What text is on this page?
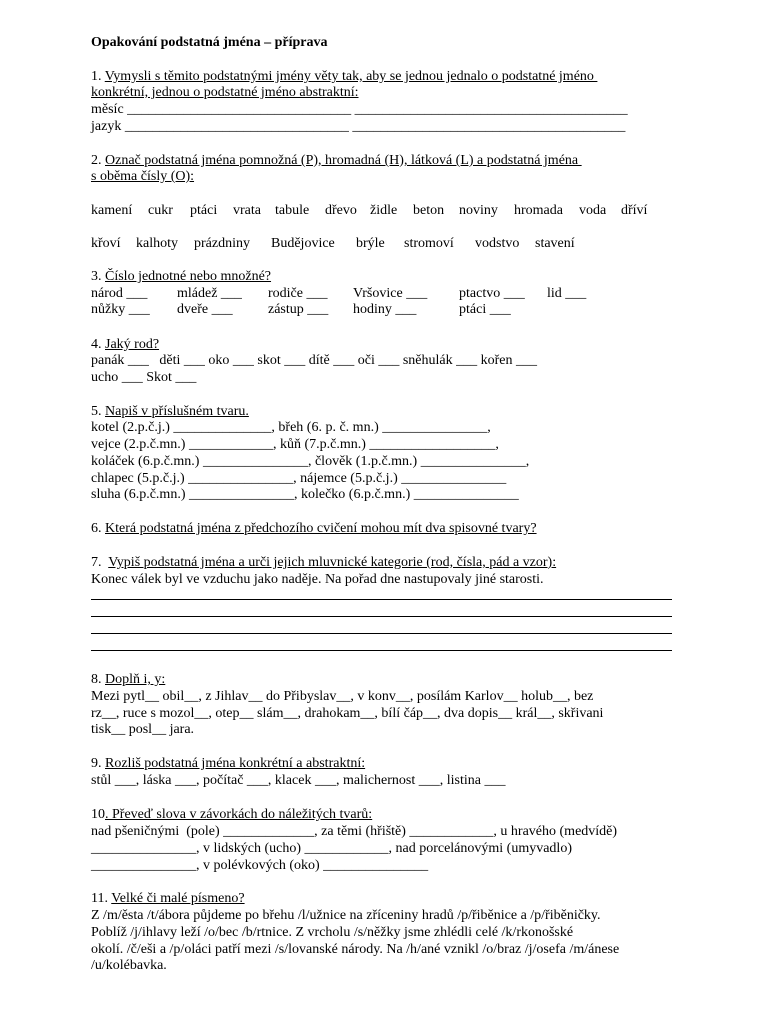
Opakování podstatná jména – příprava
1. Vymysli s těmito podstatnými jmény věty tak, aby se jednou jednalo o podstatné jméno
konkrétní, jednou o podstatné jméno abstraktní:
měsíc ________________________________ _______________________________________
jazyk ________________________________ _______________________________________
2. Označ podstatná jména pomnožná (P), hromadná (H), látková (L) a podstatná jména
s oběma čísly (O):
kamení cukr ptáci vrata tabule dřevo židle beton noviny hromada voda dříví
křoví kalhoty prázdniny Budějovice brýle stromoví vodstvo stavení
3. Číslo jednotné nebo množné?
národ ___ mládež ___ rodiče ___ Vršovice ___ ptactvo ___ lid ___
nůžky ___ dveře ___	zástup ___ hodiny ___	ptáci ___
4. Jaký rod?
panák ___   děti ___ oko ___ skot ___ dítě ___ oči ___ sněhulák ___ kořen ___
ucho ___ Skot ___
5. Napiš v příslušném tvaru.
kotel (2.p.č.j.) ______________, břeh (6. p. č. mn.) _______________,
vejce (2.p.č.mn.) ____________, kůň (7.p.č.mn.) __________________,
koláček (6.p.č.mn.) _______________, člověk (1.p.č.mn.) _______________,
chlapec (5.p.č.j.) _______________, nájemce (5.p.č.j.) _______________
sluha (6.p.č.mn.) _______________, kolečko (6.p.č.mn.) _______________
6. Která podstatná jména z předchozího cvičení mohou mít dva spisovné tvary?
7.  Vypiš podstatná jména a urči jejich mluvnické kategorie (rod, čísla, pád a vzor):
Konec válek byl ve vzduchu jako naděje. Na pořad dne nastupovaly jiné starosti.
8. Doplň i, y:
Mezi pytl__ obil__, z Jihlav__ do Přibyslav__, v konv__, posílám Karlov__ holub__, bez
rz__, ruce s mozol__, otep__ slám__, drahokam__, bílí čáp__, dva dopis__ král__, skřivani
tisk__ posl__ jara.
9. Rozliš podstatná jména konkrétní a abstraktní:
stůl ___, láska ___, počítač ___, klacek ___, malichernost ___, listina ___
10. Převeď slova v závorkách do náležitých tvarů:
nad pšeničnými  (pole) _____________, za těmi (hřiště) ____________, u hravého (medvídě)
_______________, v lidských (ucho) ____________, nad porcelánovými (umyvadlo)
_______________, v polévkových (oko) _______________
11. Velké či malé písmeno?
Z /m/ěsta /t/ábora půjdeme po břehu /l/užnice na zříceniny hradů /p/řiběnice a /p/řiběničky.
Poblíž /j/ihlavy leží /o/bec /b/rtnice. Z vrcholu /s/něžky jsme zhlédli celé /k/rkonošské
okolí. /č/eši a /p/oláci patří mezi /s/lovanské národy. Na /h/ané vznikl /o/braz /j/osefa /m/ánese
/u/kolébavka.
